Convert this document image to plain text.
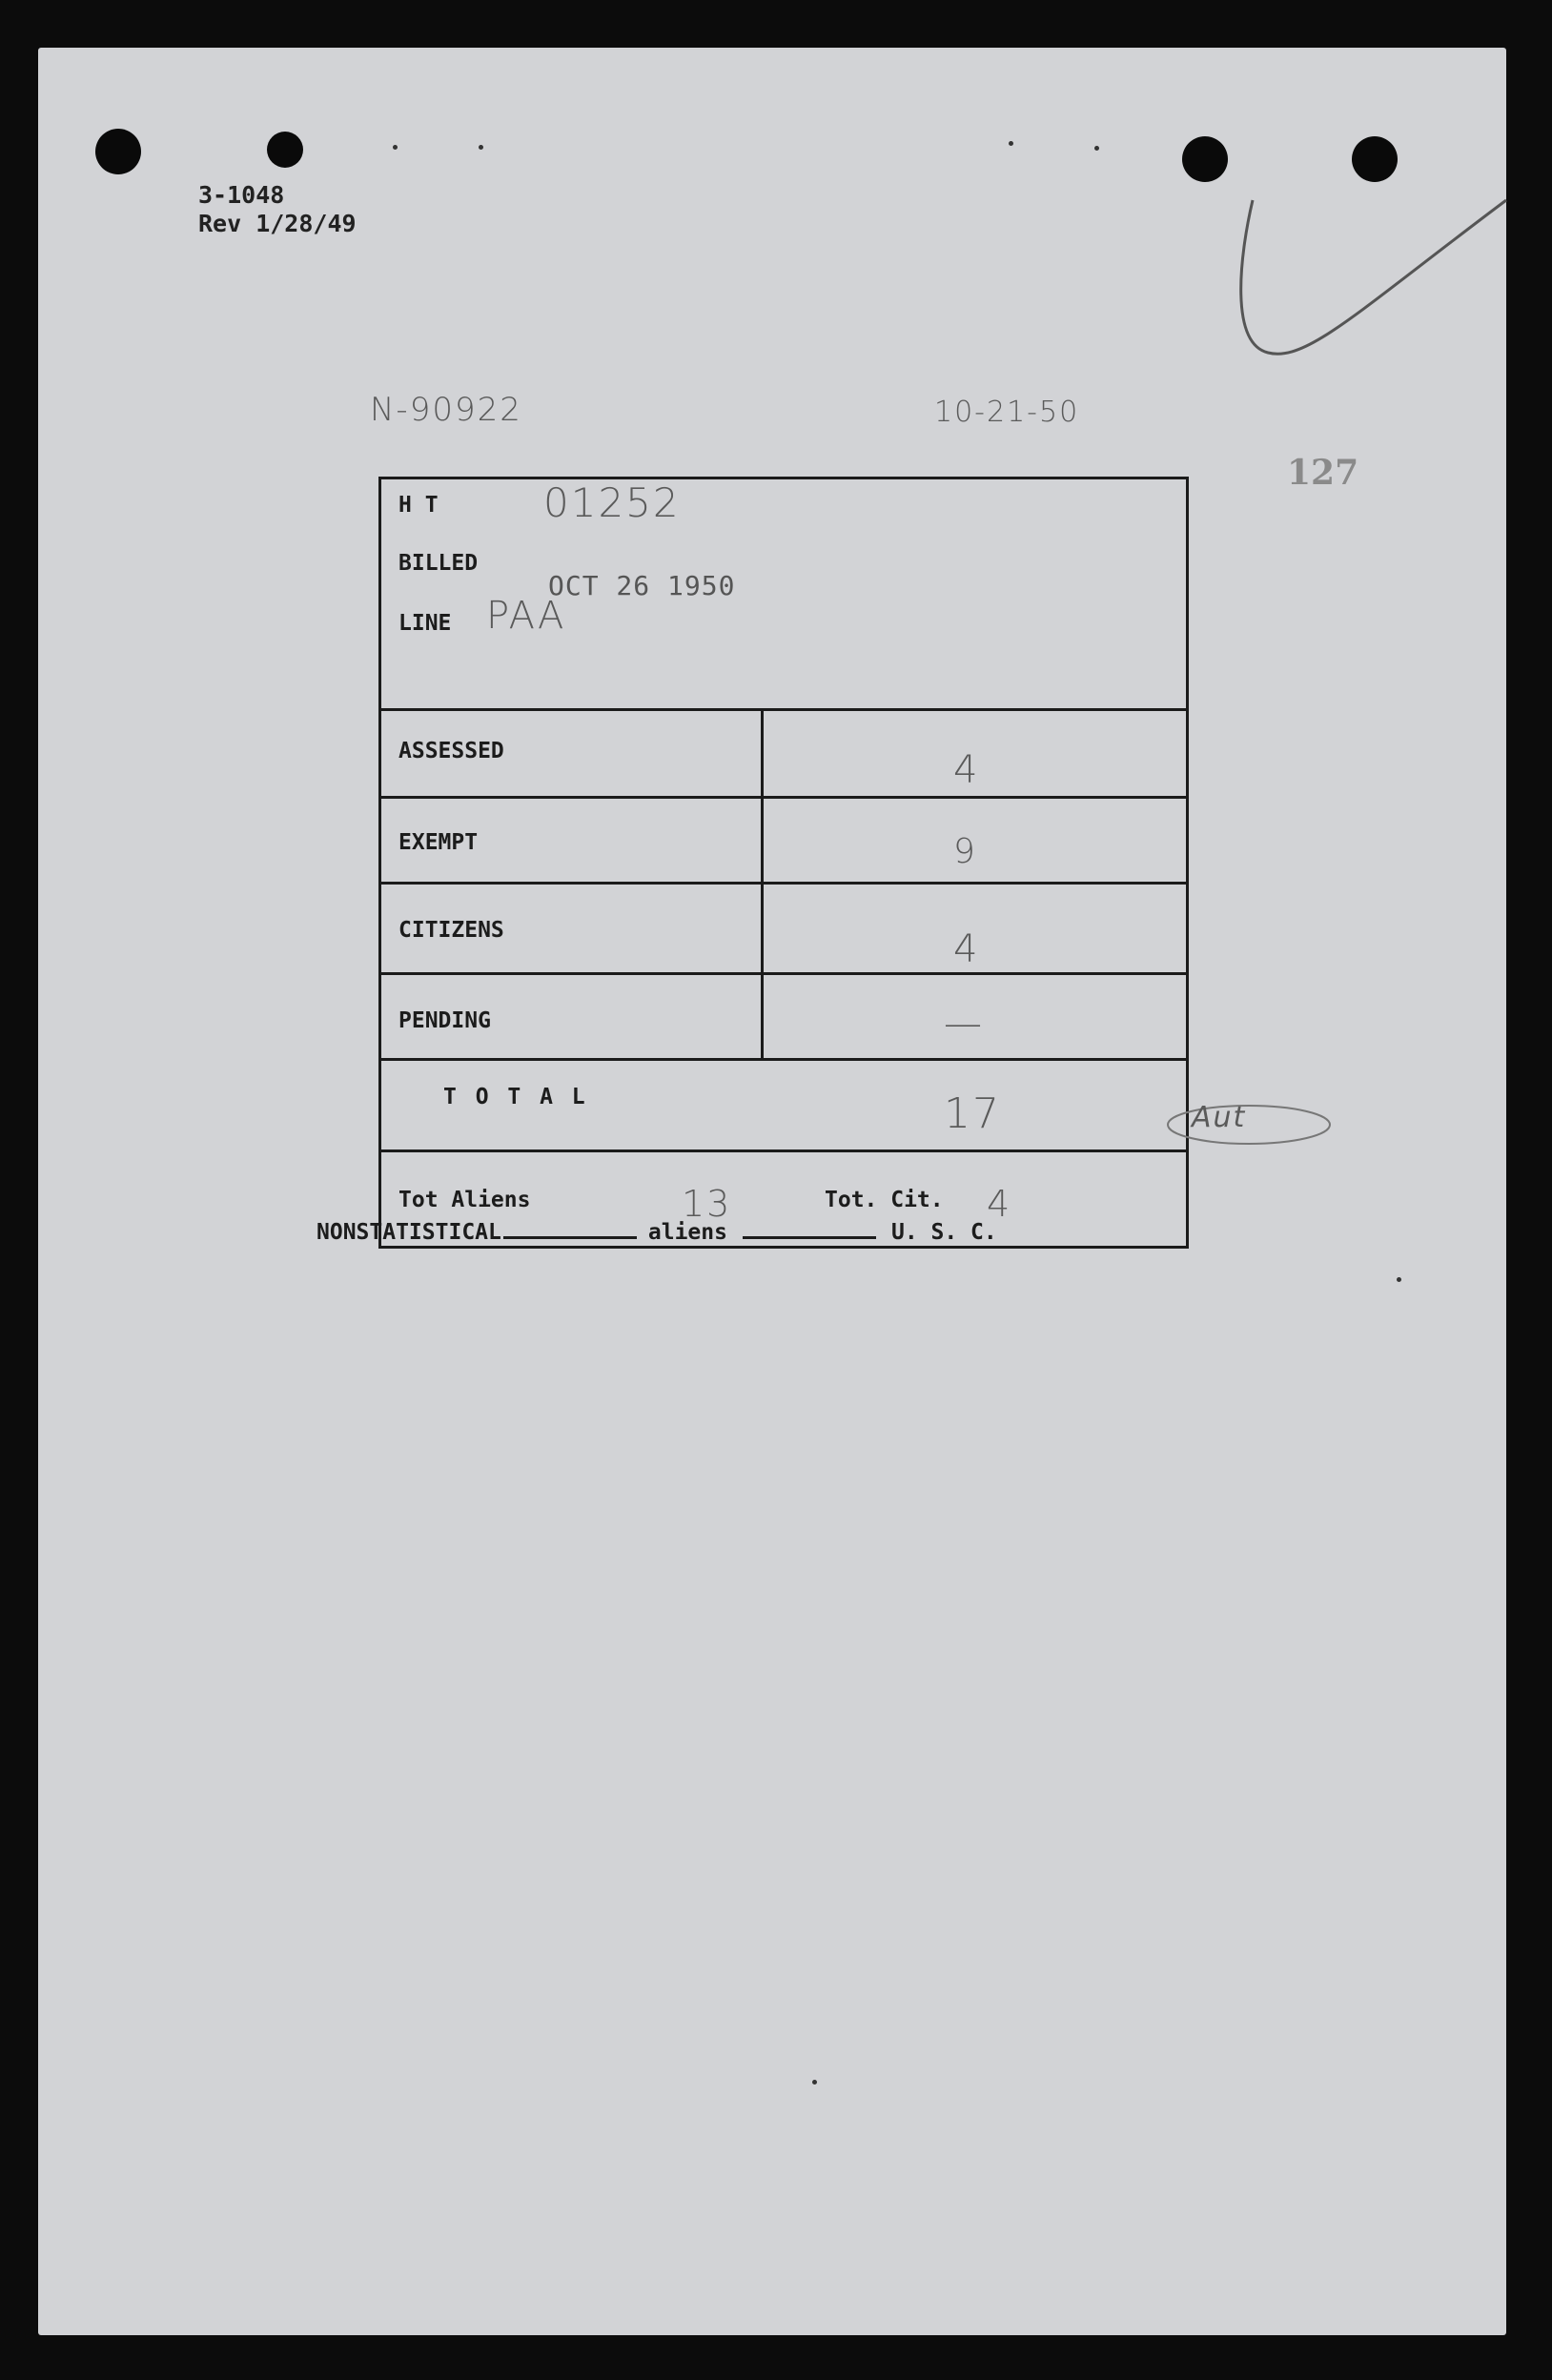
3-1048
Rev 1/28/49
N-90922	10-21-50
127
H T	01252
BILLED
OCT 26 1950
LINE PAA
ASSESSED	4
EXEMPT	9
CITIZENS	4
PENDING	—
T O T A L	17
Tot Aliens	13	Tot. Cit. 4
Aut
NONSTATISTICAL	aliens	U. S. C.
